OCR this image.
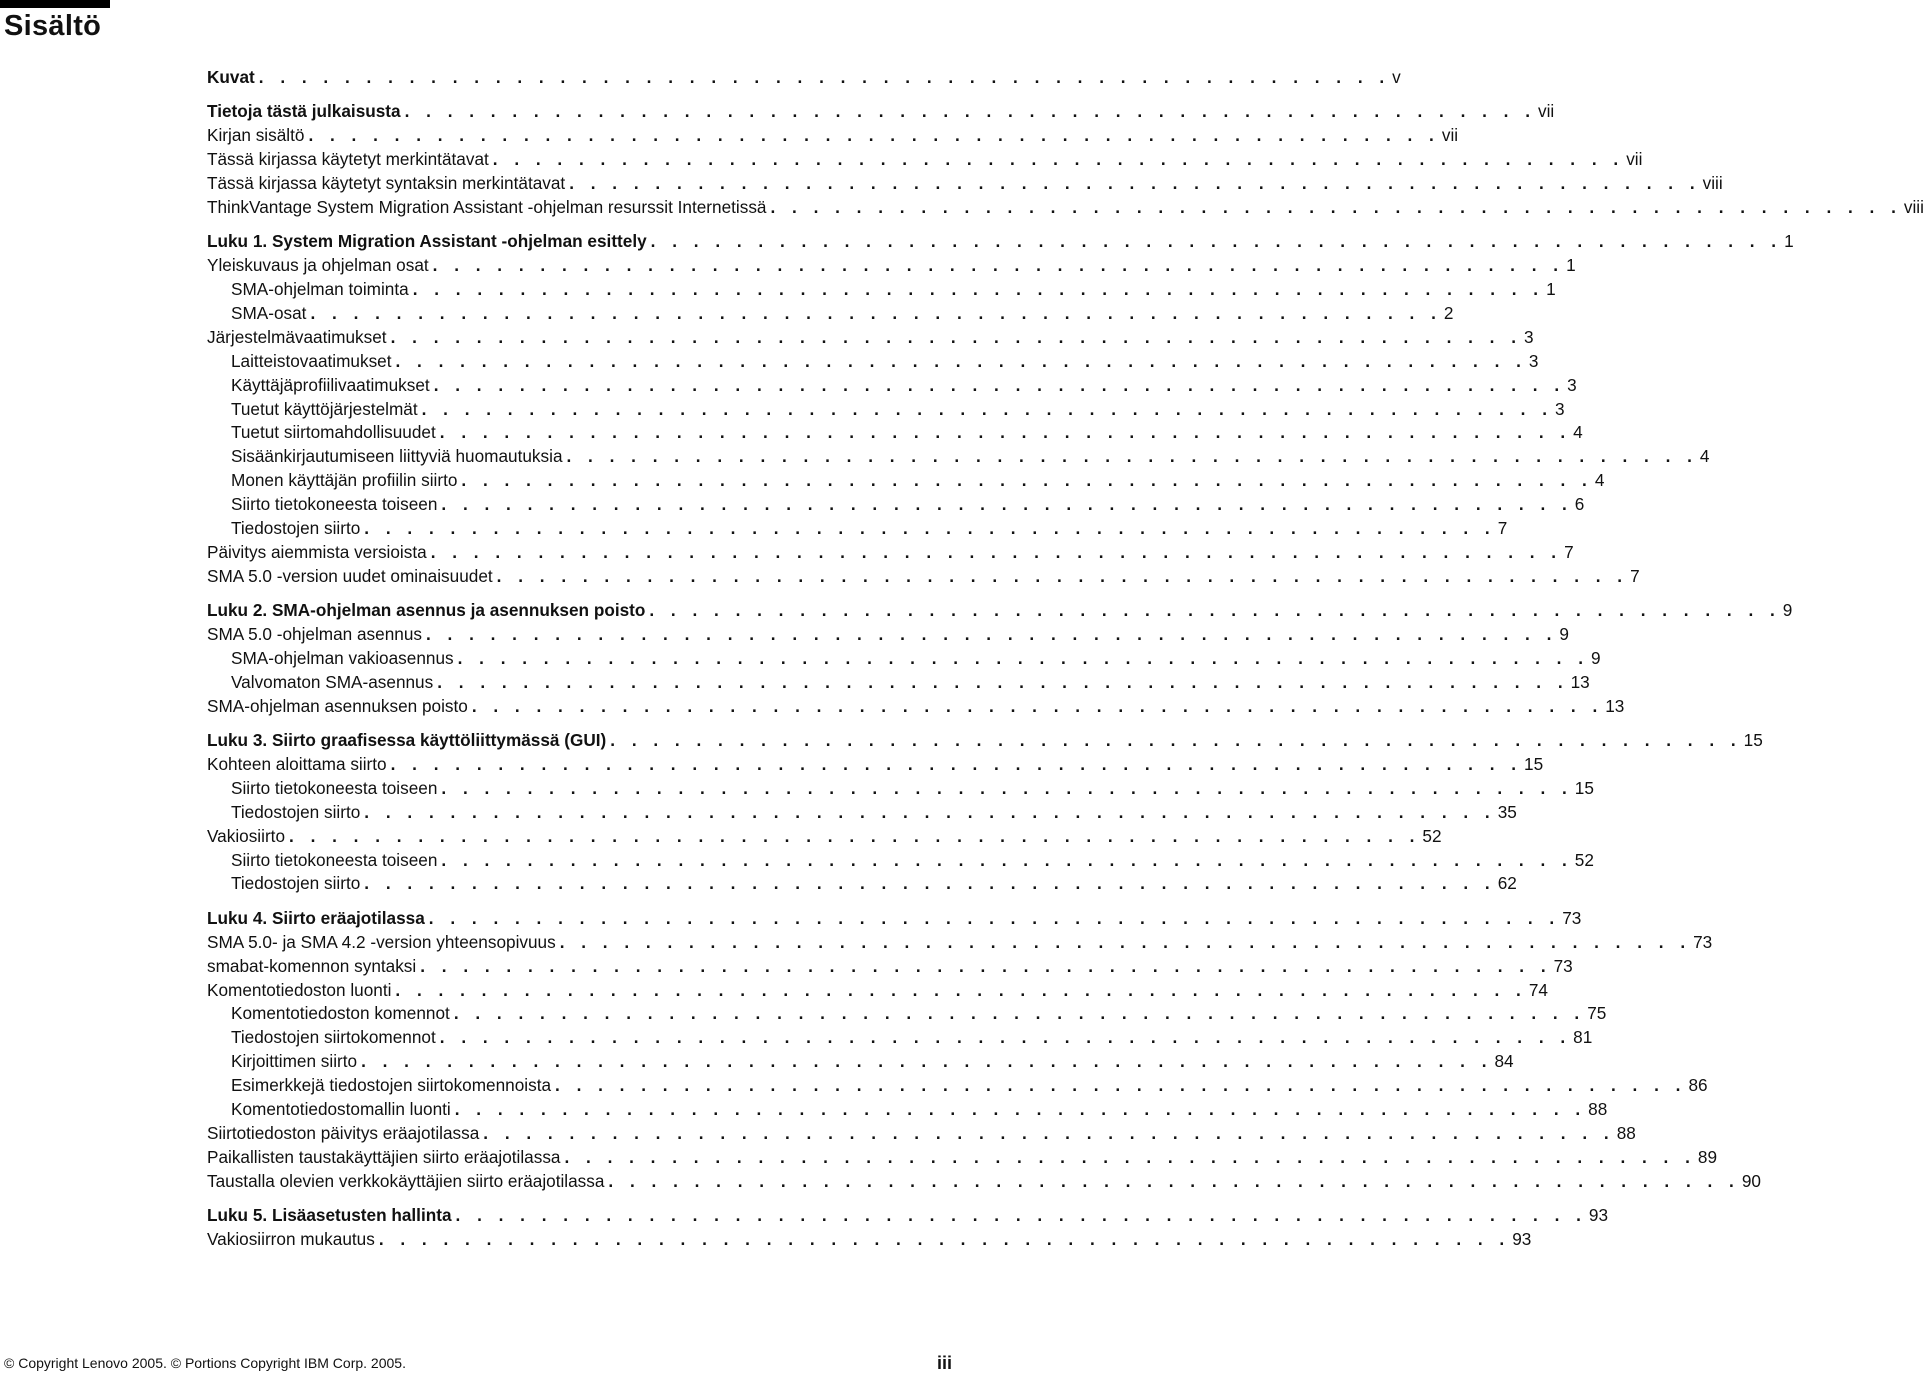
Sisältö
Kuvat . . . . . . . . . . . . . . . . . . . . . . . . . . . . . . . . . . . . . . . . . . . . . . . . . . . . . v
Tietoja tästä julkaisusta . . . . . . . . . . . . . . . . . . . . . . . . . . . . . . . . . . . . . . . . . . . . . . . . . . . . . vii
Kirjan sisältö . . . . . . . . . . . . . . . . . . . . . . . . . . . . . . . . . . . . . . . . . . . . . . . . . . . . . vii
Tässä kirjassa käytetyt merkintätavat . . . . . . . . . . . . . . . . . . . . . . . . . . . . . . . . . . . . . . . . . . . . . . . . . . . . . vii
Tässä kirjassa käytetyt syntaksin merkintätavat . . . . . . . . . . . . . . . . . . . . . . . . . . . . . . . . . . . . . . . . . . . . . . . . . . . . . viii
ThinkVantage System Migration Assistant -ohjelman resurssit Internetissä . . . . . . . . . . . . . . . . . . . . . . . . . . . . . . . . . . . . . . . . . . . . . . . . . . . . . viii
Luku 1. System Migration Assistant -ohjelman esittely . . . . . . . . . . . . . . . . . . . . . . . . . . . . . . . . . . . . . . . . . . . . . . . . . . . . . 1
Yleiskuvaus ja ohjelman osat . . . . . . . . . . . . . . . . . . . . . . . . . . . . . . . . . . . . . . . . . . . . . . . . . . . . . 1
SMA-ohjelman toiminta . . . . . . . . . . . . . . . . . . . . . . . . . . . . . . . . . . . . . . . . . . . . . . . . . . . . . 1
SMA-osat . . . . . . . . . . . . . . . . . . . . . . . . . . . . . . . . . . . . . . . . . . . . . . . . . . . . . 2
Järjestelmävaatimukset . . . . . . . . . . . . . . . . . . . . . . . . . . . . . . . . . . . . . . . . . . . . . . . . . . . . . 3
Laitteistovaatimukset . . . . . . . . . . . . . . . . . . . . . . . . . . . . . . . . . . . . . . . . . . . . . . . . . . . . . 3
Käyttäjäprofiilivaatimukset . . . . . . . . . . . . . . . . . . . . . . . . . . . . . . . . . . . . . . . . . . . . . . . . . . . . . 3
Tuetut käyttöjärjestelmät . . . . . . . . . . . . . . . . . . . . . . . . . . . . . . . . . . . . . . . . . . . . . . . . . . . . . 3
Tuetut siirtomahdollisuudet . . . . . . . . . . . . . . . . . . . . . . . . . . . . . . . . . . . . . . . . . . . . . . . . . . . . . 4
Sisäänkirjautumiseen liittyviä huomautuksia . . . . . . . . . . . . . . . . . . . . . . . . . . . . . . . . . . . . . . . . . . . . . . . . . . . . . 4
Monen käyttäjän profiilin siirto . . . . . . . . . . . . . . . . . . . . . . . . . . . . . . . . . . . . . . . . . . . . . . . . . . . . . 4
Siirto tietokoneesta toiseen . . . . . . . . . . . . . . . . . . . . . . . . . . . . . . . . . . . . . . . . . . . . . . . . . . . . . 6
Tiedostojen siirto . . . . . . . . . . . . . . . . . . . . . . . . . . . . . . . . . . . . . . . . . . . . . . . . . . . . . 7
Päivitys aiemmista versioista . . . . . . . . . . . . . . . . . . . . . . . . . . . . . . . . . . . . . . . . . . . . . . . . . . . . . 7
SMA 5.0 -version uudet ominaisuudet . . . . . . . . . . . . . . . . . . . . . . . . . . . . . . . . . . . . . . . . . . . . . . . . . . . . . 7
Luku 2. SMA-ohjelman asennus ja asennuksen poisto . . . . . . . . . . . . . . . . . . . . . . . . . . . . . . . . . . . . . . . . . . . . . . . . . . . . . 9
SMA 5.0 -ohjelman asennus . . . . . . . . . . . . . . . . . . . . . . . . . . . . . . . . . . . . . . . . . . . . . . . . . . . . . 9
SMA-ohjelman vakioasennus . . . . . . . . . . . . . . . . . . . . . . . . . . . . . . . . . . . . . . . . . . . . . . . . . . . . . 9
Valvomaton SMA-asennus . . . . . . . . . . . . . . . . . . . . . . . . . . . . . . . . . . . . . . . . . . . . . . . . . . . . . 13
SMA-ohjelman asennuksen poisto . . . . . . . . . . . . . . . . . . . . . . . . . . . . . . . . . . . . . . . . . . . . . . . . . . . . . 13
Luku 3. Siirto graafisessa käyttöliittymässä (GUI) . . . . . . . . . . . . . . . . . . . . . . . . . . . . . . . . . . . . . . . . . . . . . . . . . . . . . 15
Kohteen aloittama siirto . . . . . . . . . . . . . . . . . . . . . . . . . . . . . . . . . . . . . . . . . . . . . . . . . . . . . 15
Siirto tietokoneesta toiseen . . . . . . . . . . . . . . . . . . . . . . . . . . . . . . . . . . . . . . . . . . . . . . . . . . . . . 15
Tiedostojen siirto . . . . . . . . . . . . . . . . . . . . . . . . . . . . . . . . . . . . . . . . . . . . . . . . . . . . . 35
Vakiosiirto . . . . . . . . . . . . . . . . . . . . . . . . . . . . . . . . . . . . . . . . . . . . . . . . . . . . . 52
Siirto tietokoneesta toiseen . . . . . . . . . . . . . . . . . . . . . . . . . . . . . . . . . . . . . . . . . . . . . . . . . . . . . 52
Tiedostojen siirto . . . . . . . . . . . . . . . . . . . . . . . . . . . . . . . . . . . . . . . . . . . . . . . . . . . . . 62
Luku 4. Siirto eräajotilassa . . . . . . . . . . . . . . . . . . . . . . . . . . . . . . . . . . . . . . . . . . . . . . . . . . . . . 73
SMA 5.0- ja SMA 4.2 -version yhteensopivuus . . . . . . . . . . . . . . . . . . . . . . . . . . . . . . . . . . . . . . . . . . . . . . . . . . . . . 73
smabat-komennon syntaksi . . . . . . . . . . . . . . . . . . . . . . . . . . . . . . . . . . . . . . . . . . . . . . . . . . . . . 73
Komentotiedoston luonti . . . . . . . . . . . . . . . . . . . . . . . . . . . . . . . . . . . . . . . . . . . . . . . . . . . . . 74
Komentotiedoston komennot . . . . . . . . . . . . . . . . . . . . . . . . . . . . . . . . . . . . . . . . . . . . . . . . . . . . . 75
Tiedostojen siirtokomennot . . . . . . . . . . . . . . . . . . . . . . . . . . . . . . . . . . . . . . . . . . . . . . . . . . . . . 81
Kirjoittimen siirto . . . . . . . . . . . . . . . . . . . . . . . . . . . . . . . . . . . . . . . . . . . . . . . . . . . . . 84
Esimerkkejä tiedostojen siirtokomennoista . . . . . . . . . . . . . . . . . . . . . . . . . . . . . . . . . . . . . . . . . . . . . . . . . . . . . 86
Komentotiedostomallin luonti . . . . . . . . . . . . . . . . . . . . . . . . . . . . . . . . . . . . . . . . . . . . . . . . . . . . . 88
Siirtotiedoston päivitys eräajotilassa . . . . . . . . . . . . . . . . . . . . . . . . . . . . . . . . . . . . . . . . . . . . . . . . . . . . . 88
Paikallisten taustakäyttäjien siirto eräajotilassa . . . . . . . . . . . . . . . . . . . . . . . . . . . . . . . . . . . . . . . . . . . . . . . . . . . . . 89
Taustalla olevien verkkokäyttäjien siirto eräajotilassa . . . . . . . . . . . . . . . . . . . . . . . . . . . . . . . . . . . . . . . . . . . . . . . . . . . . . 90
Luku 5. Lisäasetusten hallinta . . . . . . . . . . . . . . . . . . . . . . . . . . . . . . . . . . . . . . . . . . . . . . . . . . . . . 93
Vakiosiirron mukautus . . . . . . . . . . . . . . . . . . . . . . . . . . . . . . . . . . . . . . . . . . . . . . . . . . . . . 93
© Copyright Lenovo 2005. © Portions Copyright IBM Corp. 2005.	iii
